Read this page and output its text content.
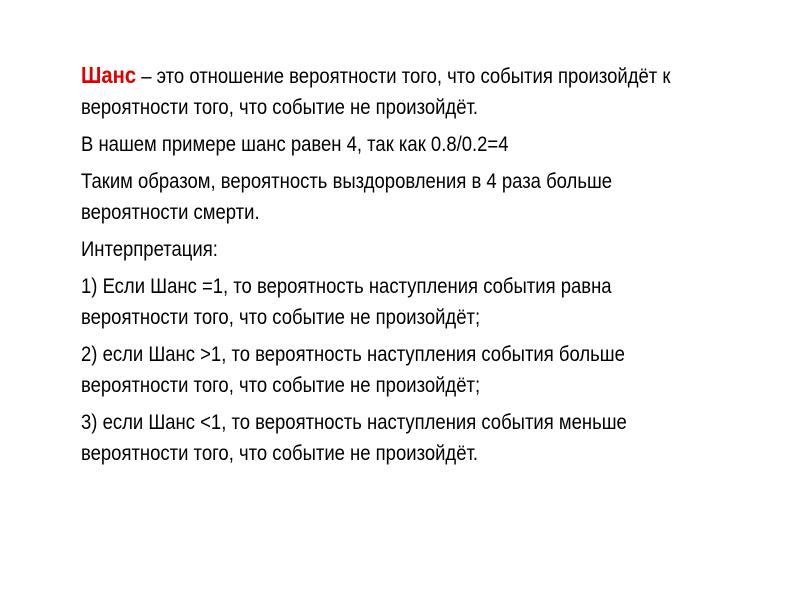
Шанс – это отношение вероятности того, что события произойдёт к вероятности того, что событие не произойдёт.

В нашем примере шанс равен 4, так как 0.8/0.2=4

Таким образом, вероятность выздоровления в 4 раза больше вероятности смерти.

Интерпретация:

1) Если Шанс =1, то вероятность наступления события равна вероятности того, что событие не произойдёт;

2) если Шанс >1, то вероятность наступления события больше вероятности того, что событие не произойдёт;

3) если Шанс <1, то вероятность наступления события меньше вероятности того, что событие не произойдёт.
